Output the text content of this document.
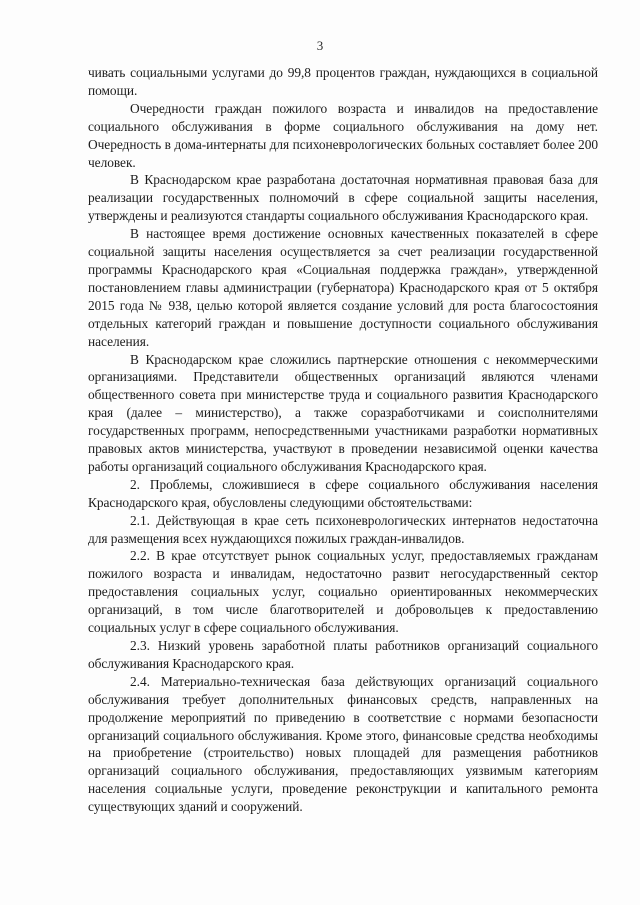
3

чивать социальными услугами до 99,8 процентов граждан, нуждающихся в социальной помощи.

Очередности граждан пожилого возраста и инвалидов на предоставление социального обслуживания в форме социального обслуживания на дому нет. Очередность в дома-интернаты для психоневрологических больных составляет более 200 человек.

В Краснодарском крае разработана достаточная нормативная правовая база для реализации государственных полномочий в сфере социальной защиты населения, утверждены и реализуются стандарты социального обслуживания Краснодарского края.

В настоящее время достижение основных качественных показателей в сфере социальной защиты населения осуществляется за счет реализации государственной программы Краснодарского края «Социальная поддержка граждан», утвержденной постановлением главы администрации (губернатора) Краснодарского края от 5 октября 2015 года № 938, целью которой является создание условий для роста благосостояния отдельных категорий граждан и повышение доступности социального обслуживания населения.

В Краснодарском крае сложились партнерские отношения с некоммерческими организациями. Представители общественных организаций являются членами общественного совета при министерстве труда и социального развития Краснодарского края (далее – министерство), а также соразработчиками и соисполнителями государственных программ, непосредственными участниками разработки нормативных правовых актов министерства, участвуют в проведении независимой оценки качества работы организаций социального обслуживания Краснодарского края.

2. Проблемы, сложившиеся в сфере социального обслуживания населения Краснодарского края, обусловлены следующими обстоятельствами:

2.1. Действующая в крае сеть психоневрологических интернатов недостаточна для размещения всех нуждающихся пожилых граждан-инвалидов.

2.2. В крае отсутствует рынок социальных услуг, предоставляемых гражданам пожилого возраста и инвалидам, недостаточно развит негосударственный сектор предоставления социальных услуг, социально ориентированных некоммерческих организаций, в том числе благотворителей и добровольцев к предоставлению социальных услуг в сфере социального обслуживания.

2.3. Низкий уровень заработной платы работников организаций социального обслуживания Краснодарского края.

2.4. Материально-техническая база действующих организаций социального обслуживания требует дополнительных финансовых средств, направленных на продолжение мероприятий по приведению в соответствие с нормами безопасности организаций социального обслуживания. Кроме этого, финансовые средства необходимы на приобретение (строительство) новых площадей для размещения работников организаций социального обслуживания, предоставляющих уязвимым категориям населения социальные услуги, проведение реконструкции и капитального ремонта существующих зданий и сооружений.
